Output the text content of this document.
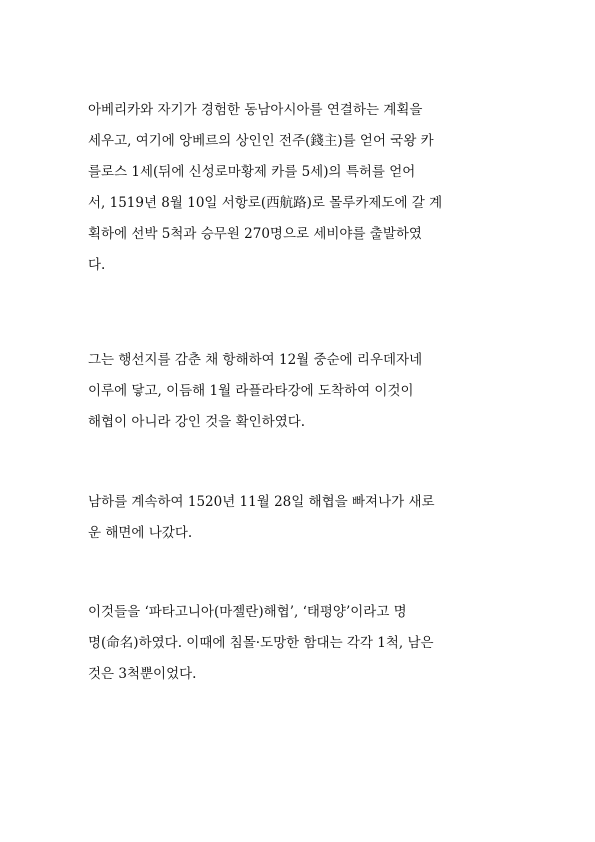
아베리카와 자기가 경험한 동남아시아를 연결하는 계획을
세우고, 여기에 앙베르의 상인인 전주(錢主)를 얻어 국왕 카
를로스 1세(뒤에 신성로마황제 카를 5세)의 특허를 얻어
서, 1519년 8월 10일 서항로(西航路)로 몰루카제도에 갈 계
획하에 선박 5척과 승무원 270명으로 세비야를 출발하였
다.

그는 행선지를 감춘 채 항해하여 12월 중순에 리우데자네
이루에 닿고, 이듬해 1월 라플라타강에 도착하여 이것이
해협이 아니라 강인 것을 확인하였다.

남하를 계속하여 1520년 11월 28일 해협을 빠져나가 새로
운 해면에 나갔다.

이것들을 ‘파타고니아(마젤란)해협’, ‘태평양’이라고 명
명(命名)하였다. 이때에 침몰·도망한 함대는 각각 1척, 남은
것은 3척뿐이었다.
